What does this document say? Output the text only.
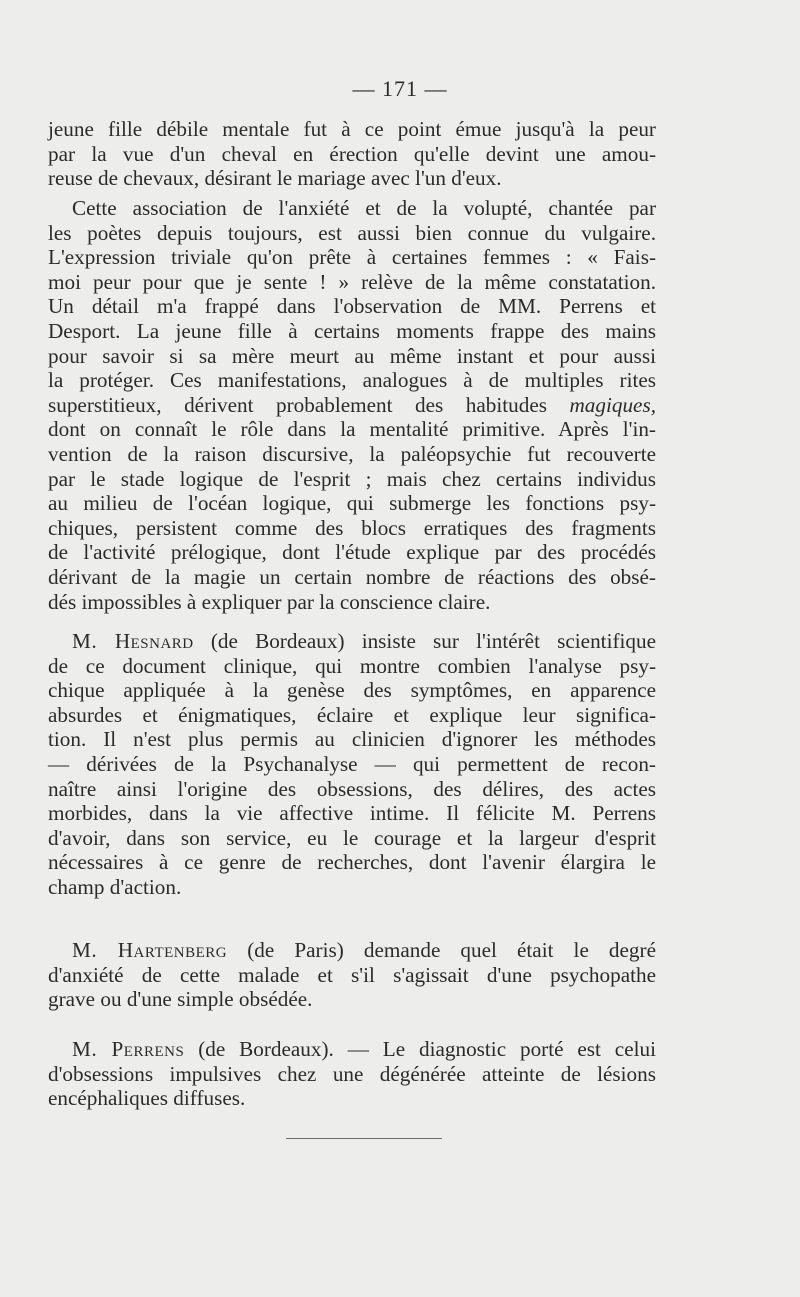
— 171 —
jeune fille débile mentale fut à ce point émue jusqu'à la peur
par la vue d'un cheval en érection qu'elle devint une amou-
reuse de chevaux, désirant le mariage avec l'un d'eux.
Cette association de l'anxiété et de la volupté, chantée par
les poètes depuis toujours, est aussi bien connue du vulgaire.
L'expression triviale qu'on prête à certaines femmes : « Fais-
moi peur pour que je sente ! » relève de la même constatation.
Un détail m'a frappé dans l'observation de MM. Perrens et
Desport. La jeune fille à certains moments frappe des mains
pour savoir si sa mère meurt au même instant et pour aussi
la protéger. Ces manifestations, analogues à de multiples rites
superstitieux, dérivent probablement des habitudes magiques,
dont on connaît le rôle dans la mentalité primitive. Après l'in-
vention de la raison discursive, la paléopsychie fut recouverte
par le stade logique de l'esprit ; mais chez certains individus
au milieu de l'océan logique, qui submerge les fonctions psy-
chiques, persistent comme des blocs erratiques des fragments
de l'activité prélogique, dont l'étude explique par des procédés
dérivant de la magie un certain nombre de réactions des obsé-
dés impossibles à expliquer par la conscience claire.
M. Hesnard (de Bordeaux) insiste sur l'intérêt scientifique
de ce document clinique, qui montre combien l'analyse psy-
chique appliquée à la genèse des symptômes, en apparence
absurdes et énigmatiques, éclaire et explique leur significa-
tion. Il n'est plus permis au clinicien d'ignorer les méthodes
— dérivées de la Psychanalyse — qui permettent de recon-
naître ainsi l'origine des obsessions, des délires, des actes
morbides, dans la vie affective intime. Il félicite M. Perrens
d'avoir, dans son service, eu le courage et la largeur d'esprit
nécessaires à ce genre de recherches, dont l'avenir élargira le
champ d'action.
M. Hartenberg (de Paris) demande quel était le degré
d'anxiété de cette malade et s'il s'agissait d'une psychopathe
grave ou d'une simple obsédée.
M. Perrens (de Bordeaux). — Le diagnostic porté est celui
d'obsessions impulsives chez une dégénérée atteinte de lésions
encéphaliques diffuses.
